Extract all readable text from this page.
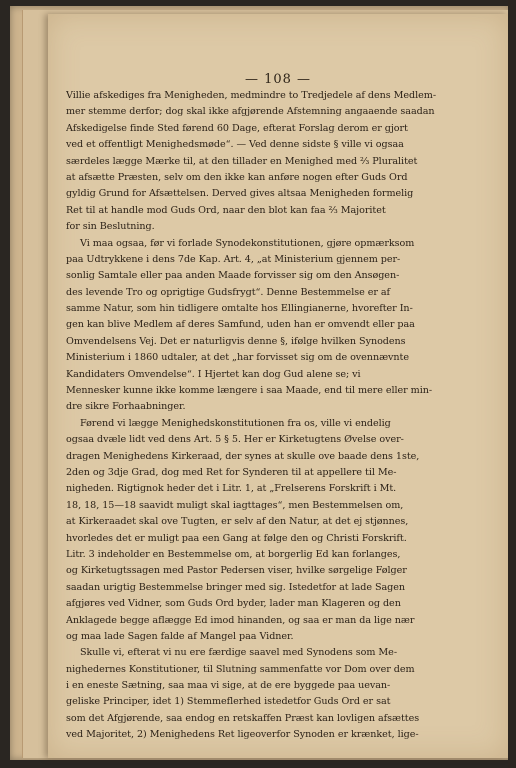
— 108 —
Villie afskediges fra Menigheden, medmindre to Tredjedele af dens Medlem-
mer stemme derfor; dog skal ikke afgjørende Afstemning angaaende saadan
Afskedigelse finde Sted førend 60 Dage, efterat Forslag derom er gjort
ved et offentligt Menighedsmøde“. — Ved denne sidste § ville vi ogsaa
særdeles lægge Mærke til, at den tillader en Menighed med ⅔ Pluralitet
at afsætte Præsten, selv om den ikke kan anføre nogen efter Guds Ord
gyldig Grund for Afsættelsen. Derved gives altsaa Menigheden formelig
Ret til at handle mod Guds Ord, naar den blot kan faa ⅔ Majoritet
for sin Beslutning.
Vi maa ogsaa, før vi forlade Synodekonstitutionen, gjøre opmærksom
paa Udtrykkene i dens 7de Kap. Art. 4, „at Ministerium gjennem per-
sonlig Samtale eller paa anden Maade forvisser sig om den Ansøgen-
des levende Tro og oprigtige Gudsfrygt“. Denne Bestemmelse er af
samme Natur, som hin tidligere omtalte hos Ellingianerne, hvorefter In-
gen kan blive Medlem af deres Samfund, uden han er omvendt eller paa
Omvendelsens Vej. Det er naturligvis denne §, ifølge hvilken Synodens
Ministerium i 1860 udtaler, at det „har forvisset sig om de ovennævnte
Kandidaters Omvendelse“. I Hjertet kan dog Gud alene se; vi
Mennesker kunne ikke komme længere i saa Maade, end til mere eller min-
dre sikre Forhaabninger.
Førend vi lægge Menighedskonstitutionen fra os, ville vi endelig
ogsaa dvæle lidt ved dens Art. 5 § 5. Her er Kirketugtens Øvelse over-
dragen Menighedens Kirkeraad, der synes at skulle ove baade dens 1ste,
2den og 3dje Grad, dog med Ret for Synderen til at appellere til Me-
nigheden. Rigtignok heder det i Litr. 1, at „Frelserens Forskrift i Mt.
18, 18, 15—18 saavidt muligt skal iagttages“, men Bestemmelsen om,
at Kirkeraadet skal ove Tugten, er selv af den Natur, at det ej stjønnes,
hvorledes det er muligt paa een Gang at følge den og Christi Forskrift.
Litr. 3 indeholder en Bestemmelse om, at borgerlig Ed kan forlanges,
og Kirketugtssagen med Pastor Pedersen viser, hvilke sørgelige Følger
saadan urigtig Bestemmelse bringer med sig. Istedetfor at lade Sagen
afgjøres ved Vidner, som Guds Ord byder, lader man Klageren og den
Anklagede begge aflægge Ed imod hinanden, og saa er man da lige nær
og maa lade Sagen falde af Mangel paa Vidner.
Skulle vi, efterat vi nu ere færdige saavel med Synodens som Me-
nighedernes Konstitutioner, til Slutning sammenfatte vor Dom over dem
i en eneste Sætning, saa maa vi sige, at de ere byggede paa uevan-
geliske Principer, idet 1) Stemmeflerhed istedetfor Guds Ord er sat
som det Afgjørende, saa endog en retskaffen Præst kan lovligen afsættes
ved Majoritet, 2) Menighedens Ret ligeoverfor Synoden er krænket, lige-
